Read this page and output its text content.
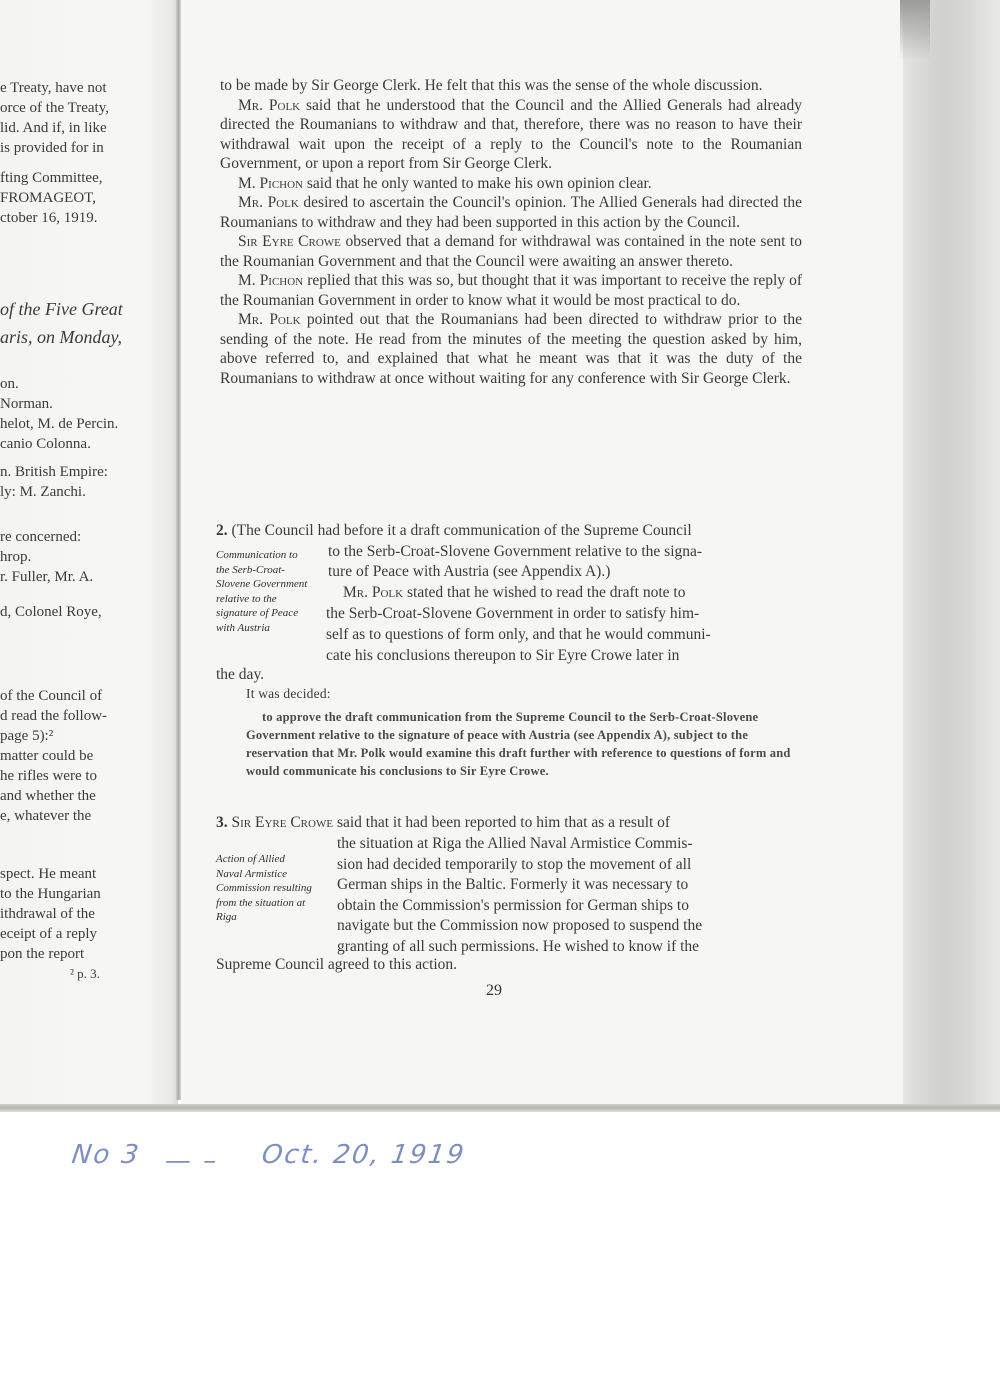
e Treaty, have not
orce of the Treaty,
lid. And if, in like
is provided for in
fting Committee,
FROMAGEOT,
ctober 16, 1919.
of the Five Great
aris, on Monday,
on.
Norman.
helot, M. de Percin.
canio Colonna.
n. British Empire:
ly: M. Zanchi.
re concerned:
hrop.
r. Fuller, Mr. A.
d, Colonel Roye,
of the Council of
d read the follow-
page 5):²
matter could be
he rifles were to
and whether the
e, whatever the
spect. He meant
to the Hungarian
ithdrawal of the
eceipt of a reply
pon the report
² p. 3.

to be made by Sir George Clerk. He felt that this was the sense of the whole discussion.

Mr. Polk said that he understood that the Council and the Allied Generals had already directed the Roumanians to withdraw and that, therefore, there was no reason to have their withdrawal wait upon the receipt of a reply to the Council's note to the Roumanian Government, or upon a report from Sir George Clerk.

M. Pichon said that he only wanted to make his own opinion clear.

Mr. Polk desired to ascertain the Council's opinion. The Allied Generals had directed the Roumanians to withdraw and they had been supported in this action by the Council.

Sir Eyre Crowe observed that a demand for withdrawal was contained in the note sent to the Roumanian Government and that the Council were awaiting an answer thereto.

M. Pichon replied that this was so, but thought that it was important to receive the reply of the Roumanian Government in order to know what it would be most practical to do.

Mr. Polk pointed out that the Roumanians had been directed to withdraw prior to the sending of the note. He read from the minutes of the meeting the question asked by him, above referred to, and explained that what he meant was that it was the duty of the Roumanians to withdraw at once without waiting for any conference with Sir George Clerk.

2. (The Council had before it a draft communication of the Supreme Council
Communication to
the Serb-Croat-
Slovene Government
relative to the
signature of Peace
with Austria
to the Serb-Croat-Slovene Government relative to the signa-
ture of Peace with Austria (see Appendix A).)
Mr. Polk stated that he wished to read the draft note to
the Serb-Croat-Slovene Government in order to satisfy him-
self as to questions of form only, and that he would communi-
cate his conclusions thereupon to Sir Eyre Crowe later in
the day.
It was decided:

to approve the draft communication from the Supreme Council to the Serb-Croat-Slovene Government relative to the signature of peace with Austria (see Appendix A), subject to the reservation that Mr. Polk would examine this draft further with reference to questions of form and would communicate his conclusions to Sir Eyre Crowe.

3. Sir Eyre Crowe said that it had been reported to him that as a result of
Action of Allied
Naval Armistice
Commission resulting
from the situation at
Riga
the situation at Riga the Allied Naval Armistice Commis-
sion had decided temporarily to stop the movement of all
German ships in the Baltic. Formerly it was necessary to
obtain the Commission's permission for German ships to
navigate but the Commission now proposed to suspend the
granting of all such permissions. He wished to know if the
Supreme Council agreed to this action.
29
No 3 — – Oct. 20, 1919
